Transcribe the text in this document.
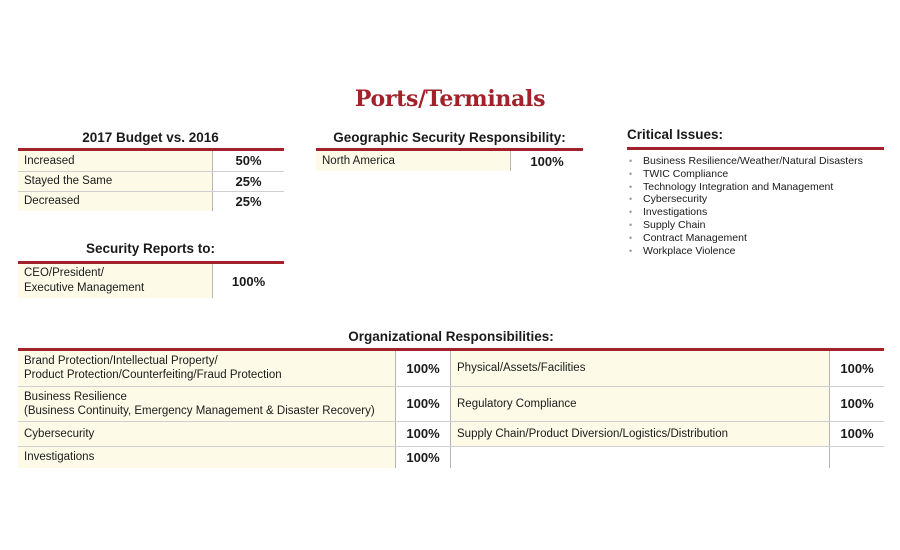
Ports/Terminals
2017 Budget vs. 2016
Increased	50%
Stayed the Same	25%
Decreased	25%
Geographic Security Responsibility:
North America	100%
Critical Issues:
• Business Resilience/Weather/Natural Disasters
• TWIC Compliance
• Technology Integration and Management
• Cybersecurity
• Investigations
• Supply Chain
• Contract Management
• Workplace Violence
Security Reports to:
CEO/President/
Executive Management	100%
Organizational Responsibilities:
Brand Protection/Intellectual Property/
Product Protection/Counterfeiting/Fraud Protection	100%	Physical/Assets/Facilities	100%

Business Resilience
(Business Continuity, Emergency Management & Disaster Recovery)	100%	Regulatory Compliance	100%
Cybersecurity	100%	Supply Chain/Product Diversion/Logistics/Distribution	100%
Investigations	100%		
